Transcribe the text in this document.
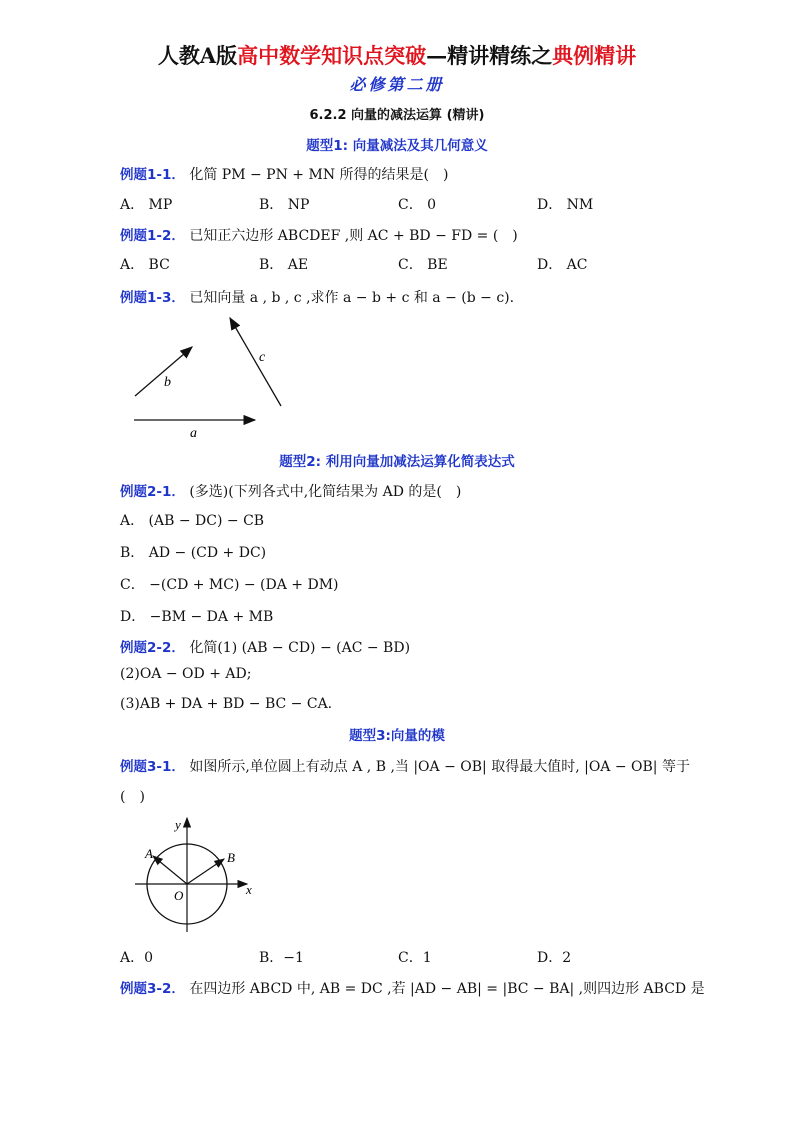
人教A版高中数学知识点突破—精讲精练之典例精讲
必修第二册
6.2.2 向量的减法运算 (精讲)
题型1: 向量减法及其几何意义
例题1-1． 化简 PM − PN + MN 所得的结果是(　)
A． MP	B． NP	C． 0	D． NM
例题1-2． 已知正六边形 ABCDEF ,则 AC + BD − FD = (　)
A． BC	B． AE	C． BE	D． AC
例题1-3． 已知向量 a , b , c ,求作 a − b + c 和 a − (b − c).
a
b
c
题型2: 利用向量加减法运算化简表达式
例题2-1． (多选)(下列各式中,化简结果为 AD 的是(　)
A． (AB − DC) − CB
B． AD − (CD + DC)
C． −(CD + MC) − (DA + DM)
D． −BM − DA + MB
例题2-2． 化简(1) (AB − CD) − (AC − BD)
(2)OA − OD + AD;
(3)AB + DA + BD − BC − CA.
题型3:向量的模
例题3-1． 如图所示,单位圆上有动点 A , B ,当 |OA − OB| 取得最大值时, |OA − OB| 等于
(　)
x
y
O
A	B
A．0	B．−1	C．1	D．2
例题3-2． 在四边形 ABCD 中, AB = DC ,若 |AD − AB| = |BC − BA| ,则四边形 ABCD 是
